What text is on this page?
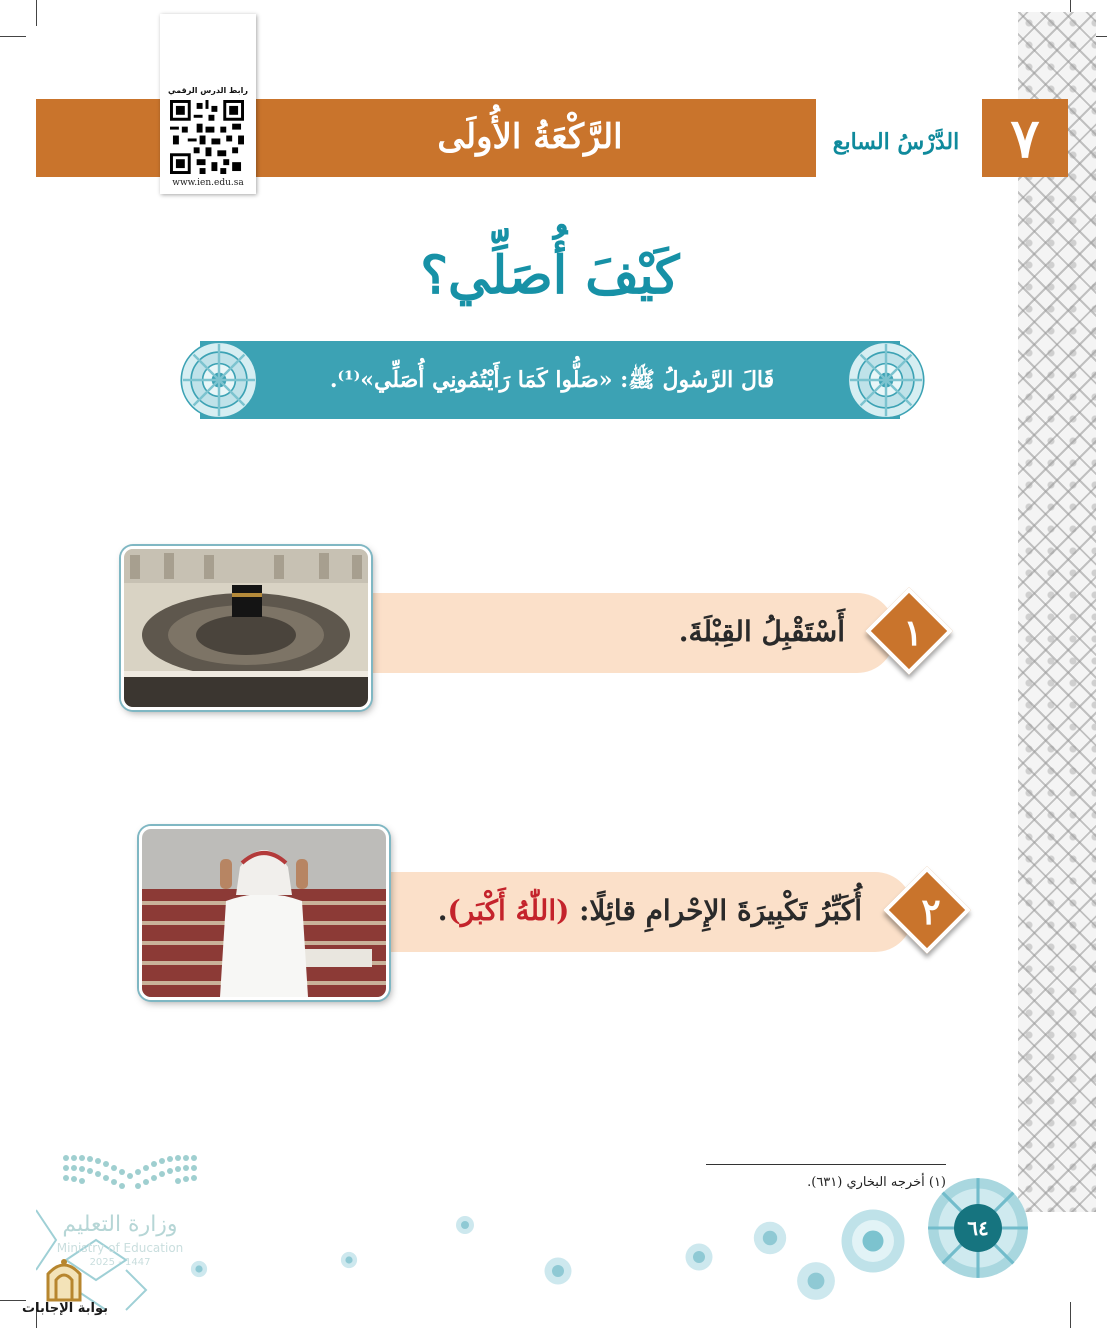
الرَّكْعَةُ الأُولَى	٧
الدَّرْسُ السابع
رابط الدرس الرقمي
www.ien.edu.sa
كَيْفَ أُصَلِّي؟
قَالَ الرَّسُولُ ﷺ: «صَلُّوا كَمَا رَأَيْتُمُونِي أُصَلِّي»⁽¹⁾.
١
أَسْتَقْبِلُ القِبْلَةَ.
٢
أُكَبِّرُ تَكْبِيرَةَ الإِحْرامِ قائِلًا: (اللّٰهُ أَكْبَر).
(١) أخرجه البخاري (٦٣١).
٦٤
وزارة التعليم
Ministry of Education
2025 - 1447
بوابة الإجابات
